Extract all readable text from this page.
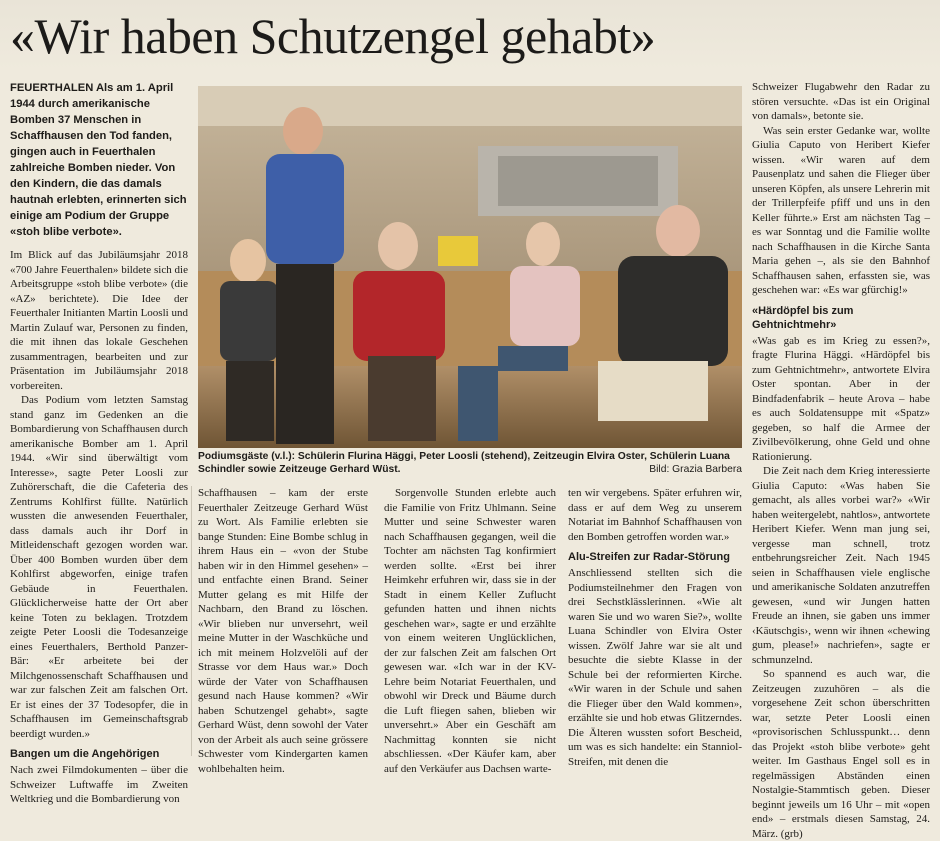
«Wir haben Schutzengel gehabt»
FEUERTHALEN Als am 1. April 1944 durch amerikanische Bomben 37 Menschen in Schaffhausen den Tod fanden, gingen auch in Feuerthalen zahlreiche Bomben nieder. Von den Kindern, die das damals hautnah erlebten, erinnerten sich einige am Podium der Gruppe «stoh blibe verbote».

Im Blick auf das Jubiläumsjahr 2018 «700 Jahre Feuerthalen» bildete sich die Arbeitsgruppe «stoh blibe verbote» (die «AZ» berichtete). Die Idee der Feuerthaler Initianten Martin Loosli und Martin Zulauf war, Personen zu finden, die mit ihnen das lokale Geschehen zusammentragen, bearbeiten und zur Präsentation im Jubiläumsjahr 2018 vorbereiten.

Das Podium vom letzten Samstag stand ganz im Gedenken an die Bombardierung von Schaffhausen durch amerikanische Bomber am 1. April 1944. «Wir sind überwältigt vom Interesse», sagte Peter Loosli zur Zuhörerschaft, die die Cafeteria des Zentrums Kohlfirst füllte. Natürlich wussten die anwesenden Feuerthaler, dass damals auch ihr Dorf in Mitleidenschaft gezogen worden war. Über 400 Bomben wurden über dem Kohlfirst abgeworfen, einige trafen Gebäude in Feuerthalen. Glücklicherweise hatte der Ort aber keine Toten zu beklagen. Trotzdem zeigte Peter Loosli die Todesanzeige eines Feuerthalers, Berthold Panzer-Bär: «Er arbeitete bei der Milchgenossenschaft Schaffhausen und war zur falschen Zeit am falschen Ort. Er ist eines der 37 Todesopfer, die in Schaffhausen im Gemeinschaftsgrab beerdigt wurden.»

Bangen um die Angehörigen

Nach zwei Filmdokumenten – über die Schweizer Luftwaffe im Zweiten Weltkrieg und die Bombardierung von

Podiumsgäste (v.l.): Schülerin Flurina Häggi, Peter Loosli (stehend), Zeitzeugin Elvira Oster, Schülerin Luana Schindler sowie Zeitzeuge Gerhard Wüst.	Bild: Grazia Barbera

Schaffhausen – kam der erste Feuerthaler Zeitzeuge Gerhard Wüst zu Wort. Als Familie erlebten sie bange Stunden: Eine Bombe schlug in ihrem Haus ein – «von der Stube haben wir in den Himmel gesehen» – und entfachte einen Brand. Seiner Mutter gelang es mit Hilfe der Nachbarn, den Brand zu löschen. «Wir blieben nur unversehrt, weil meine Mutter in der Waschküche und ich mit meinem Holzvelöli auf der Strasse vor dem Haus war.» Doch würde der Vater von Schaffhausen gesund nach Hause kommen? «Wir haben Schutzengel gehabt», sagte Gerhard Wüst, denn sowohl der Vater von der Arbeit als auch seine grössere Schwester vom Kindergarten kamen wohlbehalten heim.

Sorgenvolle Stunden erlebte auch die Familie von Fritz Uhlmann. Seine Mutter und seine Schwester waren nach Schaffhausen gegangen, weil die Tochter am nächsten Tag konfirmiert werden sollte. «Erst bei ihrer Heimkehr erfuhren wir, dass sie in der Stadt in einem Keller Zuflucht gefunden hatten und ihnen nichts geschehen war», sagte er und erzählte von einem weiteren Unglücklichen, der zur falschen Zeit am falschen Ort gewesen war. «Ich war in der KV-Lehre beim Notariat Feuerthalen, und obwohl wir Dreck und Bäume durch die Luft fliegen sahen, blieben wir unversehrt.» Aber ein Geschäft am Nachmittag konnten sie nicht abschliessen. «Der Käufer kam, aber auf den Verkäufer aus Dachsen warte-

ten wir vergebens. Später erfuhren wir, dass er auf dem Weg zu unserem Notariat im Bahnhof Schaffhausen von den Bomben getroffen worden war.»

Alu-Streifen zur Radar-Störung

Anschliessend stellten sich die Podiumsteilnehmer den Fragen von drei Sechstklässlerinnen. «Wie alt waren Sie und wo waren Sie?», wollte Luana Schindler von Elvira Oster wissen. Zwölf Jahre war sie alt und besuchte die siebte Klasse in der Schule bei der reformierten Kirche. «Wir waren in der Schule und sahen die Flieger über den Wald kommen», erzählte sie und hob etwas Glitzerndes. Die Älteren wussten sofort Bescheid, um was es sich handelte: ein Stanniol-Streifen, mit denen die

Schweizer Flugabwehr den Radar zu stören versuchte. «Das ist ein Original von damals», betonte sie.

Was sein erster Gedanke war, wollte Giulia Caputo von Heribert Kiefer wissen. «Wir waren auf dem Pausenplatz und sahen die Flieger über unseren Köpfen, als unsere Lehrerin mit der Trillerpfeife pfiff und uns in den Keller führte.» Erst am nächsten Tag – es war Sonntag und die Familie wollte nach Schaffhausen in die Kirche Santa Maria gehen –, als sie den Bahnhof Schaffhausen sahen, erfassten sie, was geschehen war: «Es war gfürchig!»

«Härdöpfel bis zum Gehtnichtmehr»

«Was gab es im Krieg zu essen?», fragte Flurina Häggi. «Härdöpfel bis zum Gehtnichtmehr», antwortete Elvira Oster spontan. Aber in der Bindfadenfabrik – heute Arova – habe es auch Soldatensuppe mit «Spatz» gegeben, so half die Armee der Zivilbevölkerung, ohne Geld und ohne Rationierung.

Die Zeit nach dem Krieg interessierte Giulia Caputo: «Was haben Sie gemacht, als alles vorbei war?» «Wir haben weitergelebt, nahtlos», antwortete Heribert Kiefer. Wenn man jung sei, vergesse man schnell, trotz entbehrungsreicher Zeit. Nach 1945 seien in Schaffhausen viele englische und amerikanische Soldaten anzutreffen gewesen, «und wir Jungen hatten Freude an ihnen, sie gaben uns immer ‹Käutschgis›, wenn wir ihnen «chewing gum, please!» nachriefen», sagte er schmunzelnd.

So spannend es auch war, die Zeitzeugen zuzuhören – als die vorgesehene Zeit schon überschritten war, setzte Peter Loosli einen «provisorischen Schlusspunkt… denn das Projekt «stoh blibe verbote» geht weiter. Im Gasthaus Engel soll es in regelmässigen Abständen einen Nostalgie-Stammtisch geben. Dieser beginnt jeweils um 16 Uhr – mit «open end» – erstmals diesen Samstag, 24. März. (grb)
